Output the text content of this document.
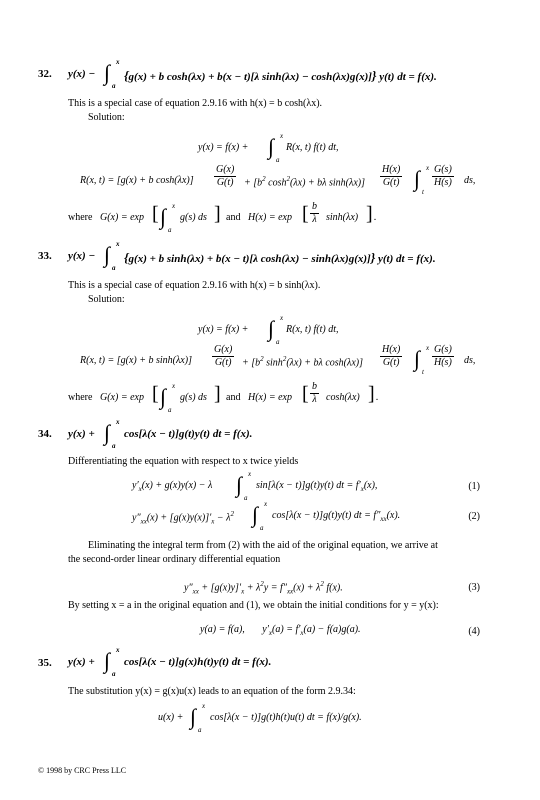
32. y(x) − ∫ x
a
{g(x) + b cosh(λx) + b(x − t)[λ sinh(λx) − cosh(λx)g(x)]} y(t) dt = f(x).
This is a special case of equation 2.9.16 with h(x) = b cosh(λx).
Solution:
y(x) = f(x) + ∫ x
a
R(x, t) f(t) dt,
R(x, t) = [g(x) + b $\cosh(\lambda x)] \frac{G(x)}{G(t)} + [b^2$ $\cosh^2(\lambda x) + b\lambda$ $\sinh(\lambda x)] \frac{H(x)}{G(t)}$ ∫ x
t
$\frac{G(s)}{H(s)}$ ds,
where G(x) = exp [ ∫ x
a
g(s) ds ] and H(x) = exp [ $\frac{b}{\lambda} \sinh(\lambda x)$ ] .
33. y(x) − ∫ x
a
{g(x) + b sinh(λx) + b(x − t)[λ cosh(λx) − sinh(λx)g(x)]} y(t) dt = f(x).
This is a special case of equation 2.9.16 with h(x) = b sinh(λx).
Solution:
y(x) = f(x) + ∫ x
a
R(x, t) f(t) dt,
R(x, t) = [g(x) + b $\sinh(\lambda x)] \frac{G(x)}{G(t)} + [b^2$ $\sinh^2(\lambda x) + b\lambda$ $\cosh(\lambda x)] \frac{H(x)}{G(t)}$ ∫ x
t
$\frac{G(s)}{H(s)}$ ds,
where G(x) = exp [ ∫ x
a
g(s) ds ] and H(x) = exp [ $\frac{b}{\lambda} \cosh(\lambda x)$ ] .
34. y(x) + ∫ x
a
cos[λ(x − t)]g(t)y(t) dt = f(x).
Differentiating the equation with respect to x twice yields
$y'_x(x) + g(x)y(x) - \lambda$ ∫ x
a
sin[λ(x − t)]g(t)y(t) dt = $f'_x(x)$,	(1)
$y''_{xx}(x) + [g(x)y(x)]'_x - \lambda^2$ ∫ x
a
cos[λ(x − t)]g(t)y(t) dt = $f''_{xx}(x)$.	(2)
Eliminating the integral term from (2) with the aid of the original equation, we arrive at
the second-order linear ordinary differential equation
$y''_{xx} + [g(x)y]'_x + \lambda^2y = f''_{xx}(x) + \lambda^2$ f(x).	(3)
By setting x = a in the original equation and (1), we obtain the initial conditions for y = y(x):
y(a) = f(a),       $y'_x(a) = f'_x(a) - f(a)g(a)$.	(4)
35. y(x) + ∫ x
a
cos[λ(x − t)]g(x)h(t)y(t) dt = f(x).
The substitution y(x) = g(x)u(x) leads to an equation of the form 2.9.34:
u(x) + ∫ x
a
cos[λ(x − t)]g(t)h(t)u(t) dt = f(x)/g(x).
© 1998 by CRC Press LLC
